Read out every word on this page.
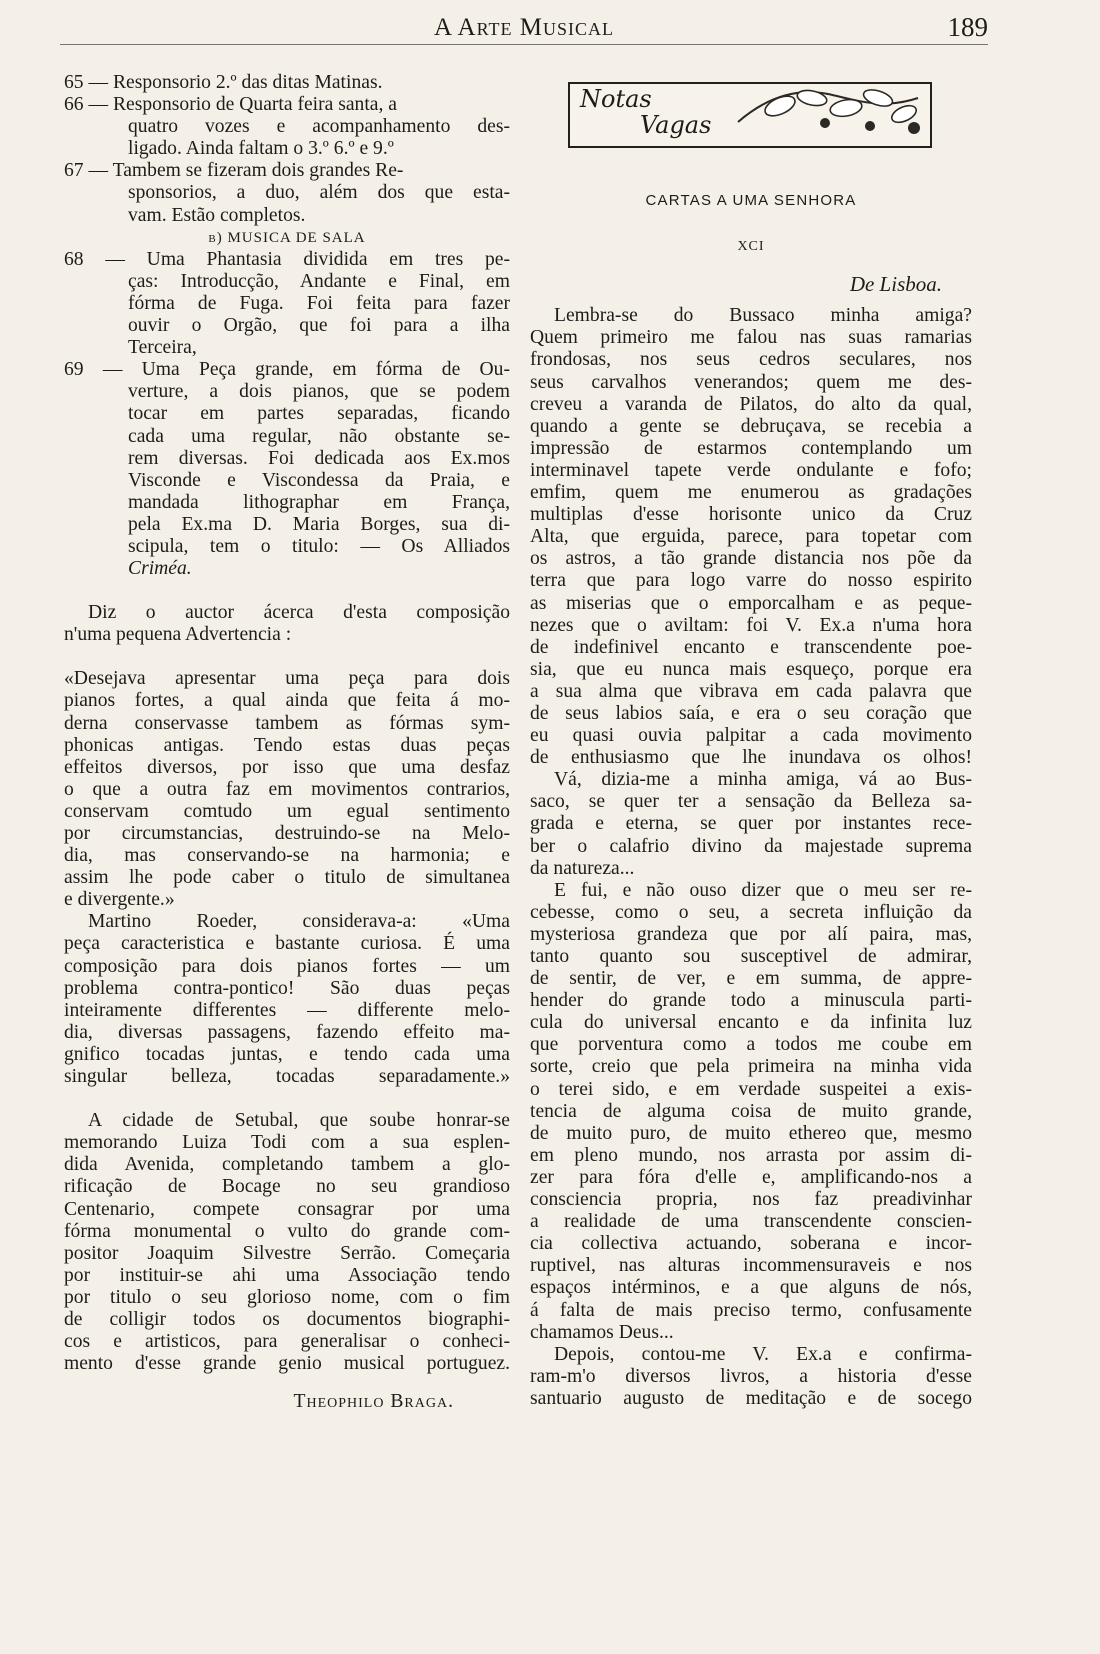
A Arte Musical	189
65 — Responsorio 2.º das ditas Matinas.
66 — Responsorio de Quarta feira santa, a
quatro vozes e acompanhamento des-
ligado. Ainda faltam o 3.º 6.º e 9.º
67 — Tambem se fizeram dois grandes Re-
sponsorios, a duo, além dos que esta-
vam. Estão completos.
b) MUSICA DE SALA
68 — Uma Phantasia dividida em tres pe-
ças: Introducção, Andante e Final, em
fórma de Fuga. Foi feita para fazer
ouvir o Orgão, que foi para a ilha
Terceira,
69 — Uma Peça grande, em fórma de Ou-
verture, a dois pianos, que se podem
tocar em partes separadas, ficando
cada uma regular, não obstante se-
rem diversas. Foi dedicada aos Ex.mos
Visconde e Viscondessa da Praia, e
mandada lithographar em França,
pela Ex.ma D. Maria Borges, sua di-
scipula, tem o titulo: — Os Alliados
Criméa.
Diz o auctor ácerca d'esta composição
n'uma pequena Advertencia :
«Desejava apresentar uma peça para dois
pianos fortes, a qual ainda que feita á mo-
derna conservasse tambem as fórmas sym-
phonicas antigas. Tendo estas duas peças
effeitos diversos, por isso que uma desfaz
o que a outra faz em movimentos contrarios,
conservam comtudo um egual sentimento
por circumstancias, destruindo-se na Melo-
dia, mas conservando-se na harmonia; e
assim lhe pode caber o titulo de simultanea
e divergente.»
Martino Roeder, considerava-a: «Uma
peça caracteristica e bastante curiosa. É uma
composição para dois pianos fortes — um
problema contra-pontico! São duas peças
inteiramente differentes — differente melo-
dia, diversas passagens, fazendo effeito ma-
gnifico tocadas juntas, e tendo cada uma
singular belleza, tocadas separadamente.»
A cidade de Setubal, que soube honrar-se
memorando Luiza Todi com a sua esplen-
dida Avenida, completando tambem a glo-
rificação de Bocage no seu grandioso
Centenario, compete consagrar por uma
fórma monumental o vulto do grande com-
positor Joaquim Silvestre Serrão. Começaria
por instituir-se ahi uma Associação tendo
por titulo o seu glorioso nome, com o fim
de colligir todos os documentos biographi-
cos e artisticos, para generalisar o conheci-
mento d'esse grande genio musical portuguez.
Theophilo Braga.
Notas
Vagas
CARTAS A UMA SENHORA
XCI
De Lisboa.
Lembra-se do Bussaco minha amiga?
Quem primeiro me falou nas suas ramarias
frondosas, nos seus cedros seculares, nos
seus carvalhos venerandos; quem me des-
creveu a varanda de Pilatos, do alto da qual,
quando a gente se debruçava, se recebia a
impressão de estarmos contemplando um
interminavel tapete verde ondulante e fofo;
emfim, quem me enumerou as gradações
multiplas d'esse horisonte unico da Cruz
Alta, que erguida, parece, para topetar com
os astros, a tão grande distancia nos põe da
terra que para logo varre do nosso espirito
as miserias que o emporcalham e as peque-
nezes que o aviltam: foi V. Ex.a n'uma hora
de indefinivel encanto e transcendente poe-
sia, que eu nunca mais esqueço, porque era
a sua alma que vibrava em cada palavra que
de seus labios saía, e era o seu coração que
eu quasi ouvia palpitar a cada movimento
de enthusiasmo que lhe inundava os olhos!
Vá, dizia-me a minha amiga, vá ao Bus-
saco, se quer ter a sensação da Belleza sa-
grada e eterna, se quer por instantes rece-
ber o calafrio divino da majestade suprema
da natureza...
E fui, e não ouso dizer que o meu ser re-
cebesse, como o seu, a secreta influição da
mysteriosa grandeza que por alí paira, mas,
tanto quanto sou susceptivel de admirar,
de sentir, de ver, e em summa, de appre-
hender do grande todo a minuscula parti-
cula do universal encanto e da infinita luz
que porventura como a todos me coube em
sorte, creio que pela primeira na minha vida
o terei sido, e em verdade suspeitei a exis-
tencia de alguma coisa de muito grande,
de muito puro, de muito ethereo que, mesmo
em pleno mundo, nos arrasta por assim di-
zer para fóra d'elle e, amplificando-nos a
consciencia propria, nos faz preadivinhar
a realidade de uma transcendente conscien-
cia collectiva actuando, soberana e incor-
ruptivel, nas alturas incommensuraveis e nos
espaços intérminos, e a que alguns de nós,
á falta de mais preciso termo, confusamente
chamamos Deus...
Depois, contou-me V. Ex.a e confirma-
ram-m'o diversos livros, a historia d'esse
santuario augusto de meditação e de socego
